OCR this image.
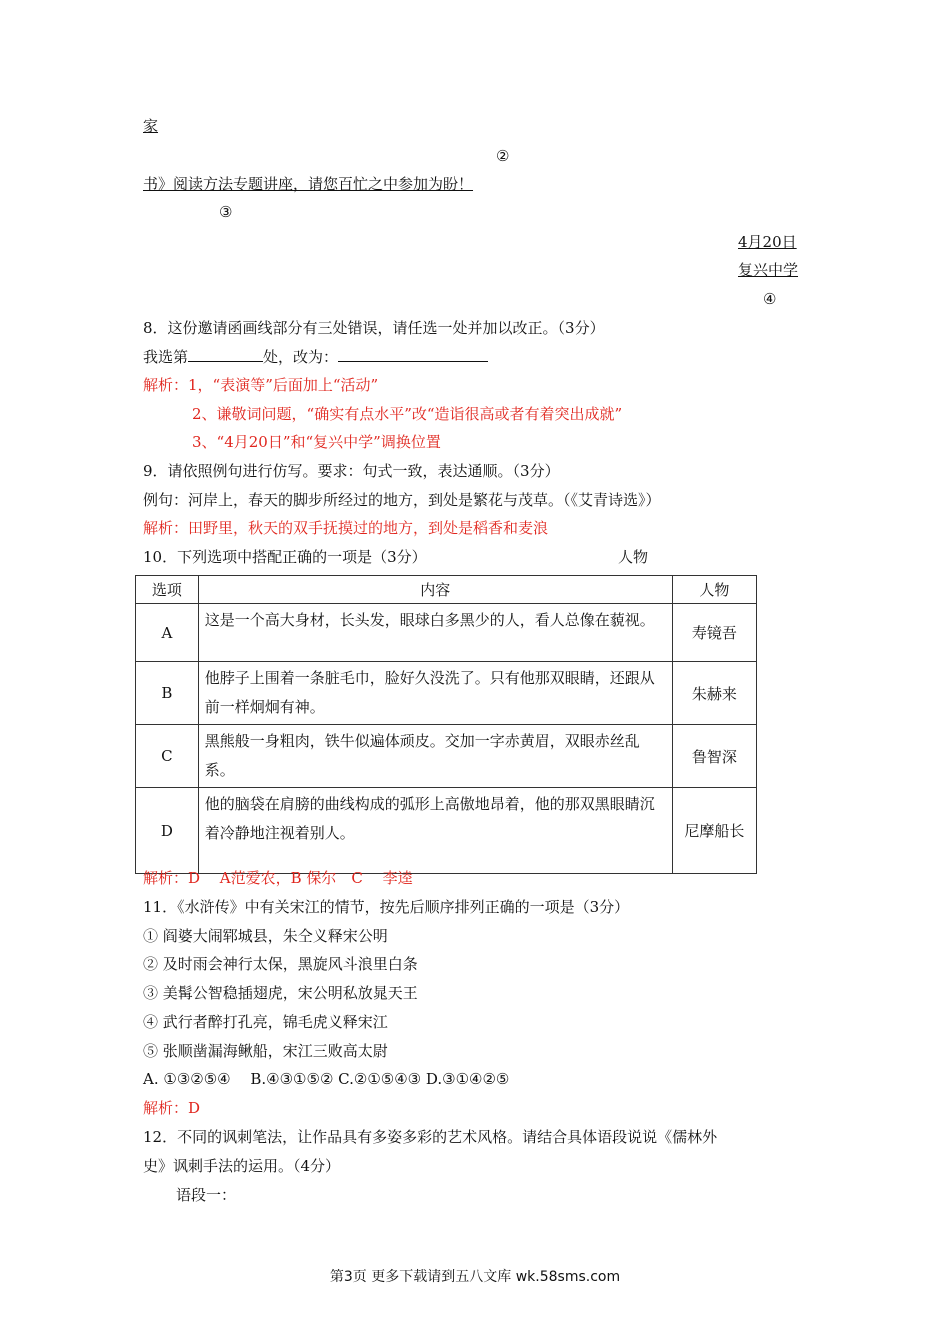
家
②
书》阅读方法专题讲座，请您百忙之中参加为盼！
③
4月20日
复兴中学
④
8．这份邀请函画线部分有三处错误，请任选一处并加以改正。（3分）
我选第	处，改为：
解析：1，“表演等”后面加上“活动”
2、谦敬词问题，“确实有点水平”改“造诣很高或者有着突出成就”
3、“4月20日”和“复兴中学”调换位置
9．请依照例句进行仿写。要求：句式一致，表达通顺。（3分）
例句：河岸上，春天的脚步所经过的地方，到处是繁花与茂草。（《艾青诗选》）
解析：田野里，秋天的双手抚摸过的地方，到处是稻香和麦浪
10．下列选项中搭配正确的一项是（3分）	人物
选项	内容	人物
A	这是一个高大身材，长头发，眼球白多黑少的人，看人总像在藐视。	寿镜吾
B	他脖子上围着一条脏毛巾，脸好久没洗了。只有他那双眼睛，还跟从前一样炯炯有神。	朱赫来
C	黑熊般一身粗肉，铁牛似遍体顽皮。交加一字赤黄眉，双眼赤丝乱系。	鲁智深
D	他的脑袋在肩膀的曲线构成的弧形上高傲地昂着，他的那双黑眼睛沉着冷静地注视着别人。	尼摩船长
解析：D　 A范爱农，B 保尔　C　 李逵
11．《水浒传》中有关宋江的情节，按先后顺序排列正确的一项是（3分）
① 阎婆大闹郓城县，朱仝义释宋公明
② 及时雨会神行太保，黑旋风斗浪里白条
③ 美髯公智稳插翅虎，宋公明私放晁天王
④ 武行者醉打孔亮，锦毛虎义释宋江
⑤ 张顺凿漏海鳅船，宋江三败高太尉
A. ①③②⑤④　 B.④③①⑤② C.②①⑤④③ D.③①④②⑤
解析：D
12．不同的讽刺笔法，让作品具有多姿多彩的艺术风格。请结合具体语段说说《儒林外
史》讽刺手法的运用。（4分）
语段一：
第3页 更多下载请到五八文库 wk.58sms.com
